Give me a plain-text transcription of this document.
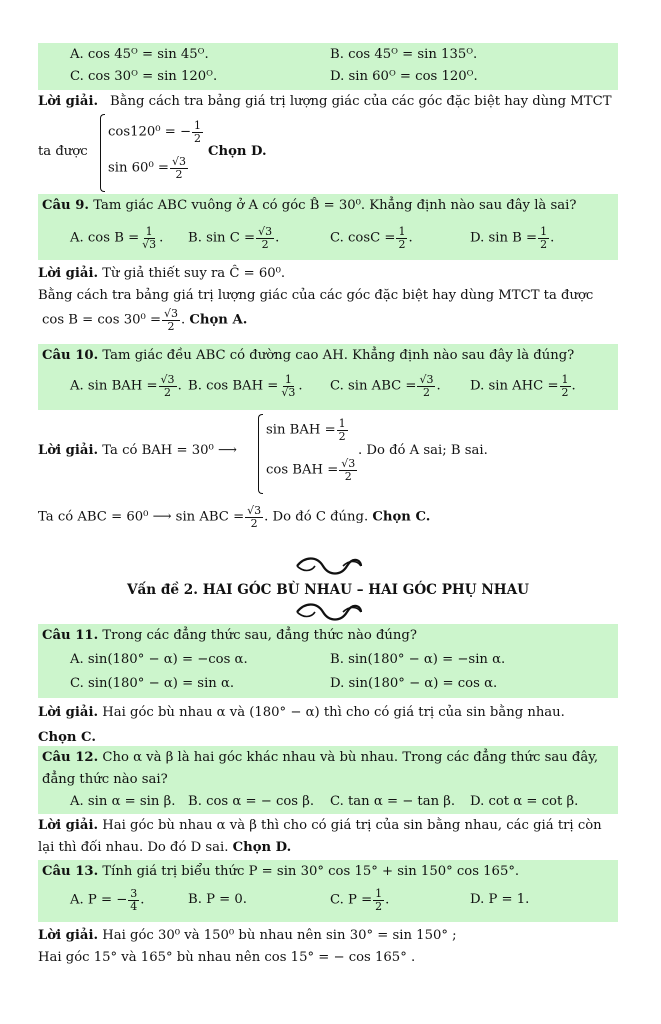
A. cos 45ᴼ = sin 45ᴼ.	B. cos 45ᴼ = sin 135ᴼ.
C. cos 30ᴼ = sin 120ᴼ.	D. sin 60ᴼ = cos 120ᴼ.
Lời giải. Bằng cách tra bảng giá trị lượng giác của các góc đặc biệt hay dùng MTCT
ta được
cos120⁰ = − $\frac{1}{2}$
$\sin 60^0 = \frac{√3}{2}$
Chọn D.
Câu 9. Tam giác ABC vuông ở A có góc B̂ = 30⁰. Khẳng định nào sau đây là sai?
A. $\cos B = \frac{1}{√3}$ . B. $\sin C = \frac{√3}{2}$ .	C. $\cos C = \frac{1}{2}$ .	D. $\sin B = \frac{1}{2}$ .
Lời giải. Từ giả thiết suy ra Ĉ = 60⁰.
Bằng cách tra bảng giá trị lượng giác của các góc đặc biệt hay dùng MTCT ta được
$\cos B = \cos 30^0 = \frac{√3}{2}$ . Chọn A.
Câu 10. Tam giác đều ABC có đường cao AH. Khẳng định nào sau đây là đúng?
A. sin BAH = $\frac{√3}{2}$ . B. cos BAH = $\frac{1}{√3}$ . C. sin ABC = $\frac{√3}{2}$ . D. sin AHC = $\frac{1}{2}$ .
Lời giải. Ta có BAH = 30⁰ ⟶
sin BAH = $\frac{1}{2}$
cos BAH = $\frac{√3}{2}$
. Do đó A sai; B sai.
Ta có ABC = 60⁰ ⟶ sin ABC = $\frac{√3}{2}$ . Do đó C đúng. Chọn C.
Vấn đề 2. HAI GÓC BÙ NHAU – HAI GÓC PHỤ NHAU
Câu 11. Trong các đẳng thức sau, đẳng thức nào đúng?
A. sin(180° − α) = −cos α.	B. sin(180° − α) = −sin α.
C. sin(180° − α) = sin α.	D. sin(180° − α) = cos α.
Lời giải. Hai góc bù nhau α và (180° − α) thì cho có giá trị của sin bằng nhau.
Chọn C.
Câu 12. Cho α và β là hai góc khác nhau và bù nhau. Trong các đẳng thức sau đây,
đẳng thức nào sai?
A. sin α = sin β. B. cos α = − cos β. C. tan α = − tan β. D. cot α = cot β.
Lời giải. Hai góc bù nhau α và β thì cho có giá trị của sin bằng nhau, các giá trị còn
lại thì đối nhau. Do đó D sai. Chọn D.
Câu 13. Tính giá trị biểu thức P = sin 30° cos 15° + sin 150° cos 165°.
A. P = − $\frac{3}{4}$ .	B. P = 0.	C. $P = \frac{1}{2}$ .	D. P = 1.
Lời giải. Hai góc 30⁰ và 150⁰ bù nhau nên sin 30° = sin 150° ;
Hai góc 15° và 165° bù nhau nên cos 15° = − cos 165° .
